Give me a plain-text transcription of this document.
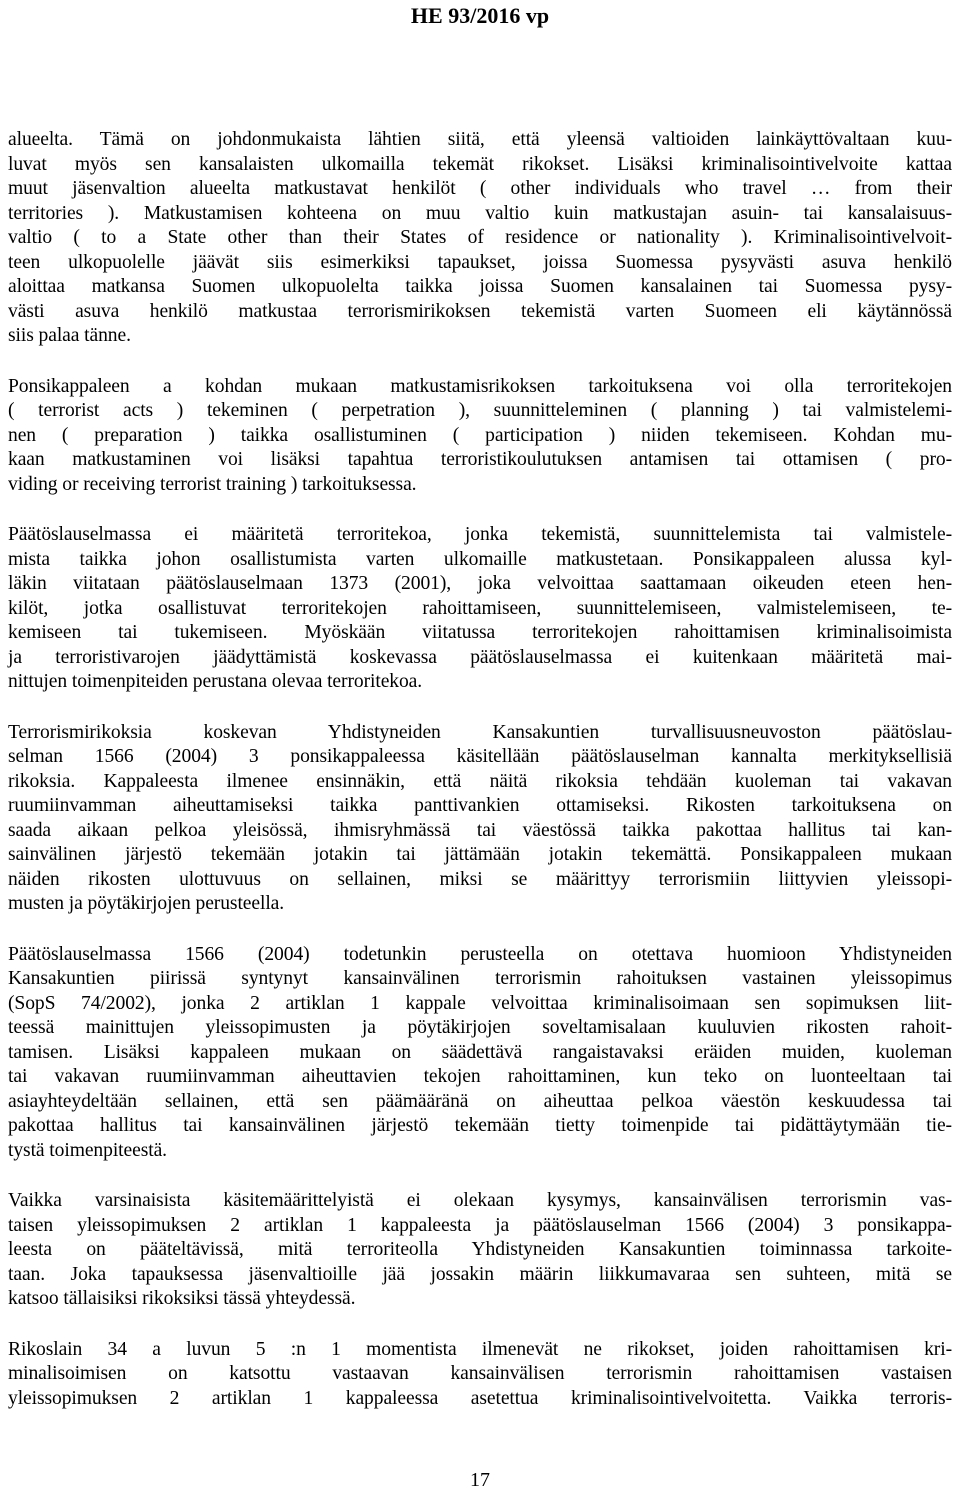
HE 93/2016 vp
alueelta. Tämä on johdonmukaista lähtien siitä, että yleensä valtioiden lainkäyttövaltaan kuu-
luvat myös sen kansalaisten ulkomailla tekemät rikokset. Lisäksi kriminalisointivelvoite kattaa
muut jäsenvaltion alueelta matkustavat henkilöt ( other individuals who travel … from their
territories ). Matkustamisen kohteena on muu valtio kuin matkustajan asuin- tai kansalaisuus-
valtio ( to a State other than their States of residence or nationality ). Kriminalisointivelvoit-
teen ulkopuolelle jäävät siis esimerkiksi tapaukset, joissa Suomessa pysyvästi asuva henkilö
aloittaa matkansa Suomen ulkopuolelta taikka joissa Suomen kansalainen tai Suomessa pysy-
västi asuva henkilö matkustaa terrorismirikoksen tekemistä varten Suomeen eli käytännössä
siis palaa tänne.
Ponsikappaleen a kohdan mukaan matkustamisrikoksen tarkoituksena voi olla terroritekojen
( terrorist acts ) tekeminen ( perpetration ), suunnitteleminen ( planning ) tai valmistelemi-
nen ( preparation ) taikka osallistuminen ( participation ) niiden tekemiseen. Kohdan mu-
kaan matkustaminen voi lisäksi tapahtua terroristikoulutuksen antamisen tai ottamisen ( pro-
viding or receiving terrorist training ) tarkoituksessa.
Päätöslauselmassa ei määritetä terroritekoa, jonka tekemistä, suunnittelemista tai valmistele-
mista taikka johon osallistumista varten ulkomaille matkustetaan. Ponsikappaleen alussa kyl-
läkin viitataan päätöslauselmaan 1373 (2001), joka velvoittaa saattamaan oikeuden eteen hen-
kilöt, jotka osallistuvat terroritekojen rahoittamiseen, suunnittelemiseen, valmistelemiseen, te-
kemiseen tai tukemiseen. Myöskään viitatussa terroritekojen rahoittamisen kriminalisoimista
ja terroristivarojen jäädyttämistä koskevassa päätöslauselmassa ei kuitenkaan määritetä mai-
nittujen toimenpiteiden perustana olevaa terroritekoa.
Terrorismirikoksia koskevan Yhdistyneiden Kansakuntien turvallisuusneuvoston päätöslau-
selman 1566 (2004) 3 ponsikappaleessa käsitellään päätöslauselman kannalta merkityksellisiä
rikoksia. Kappaleesta ilmenee ensinnäkin, että näitä rikoksia tehdään kuoleman tai vakavan
ruumiinvamman aiheuttamiseksi taikka panttivankien ottamiseksi. Rikosten tarkoituksena on
saada aikaan pelkoa yleisössä, ihmisryhmässä tai väestössä taikka pakottaa hallitus tai kan-
sainvälinen järjestö tekemään jotakin tai jättämään jotakin tekemättä. Ponsikappaleen mukaan
näiden rikosten ulottuvuus on sellainen, miksi se määrittyy terrorismiin liittyvien yleissopi-
musten ja pöytäkirjojen perusteella.
Päätöslauselmassa 1566 (2004) todetunkin perusteella on otettava huomioon Yhdistyneiden
Kansakuntien piirissä syntynyt kansainvälinen terrorismin rahoituksen vastainen yleissopimus
(SopS 74/2002), jonka 2 artiklan 1 kappale velvoittaa kriminalisoimaan sen sopimuksen liit-
teessä mainittujen yleissopimusten ja pöytäkirjojen soveltamisalaan kuuluvien rikosten rahoit-
tamisen. Lisäksi kappaleen mukaan on säädettävä rangaistavaksi eräiden muiden, kuoleman
tai vakavan ruumiinvamman aiheuttavien tekojen rahoittaminen, kun teko on luonteeltaan tai
asiayhteydeltään sellainen, että sen päämääränä on aiheuttaa pelkoa väestön keskuudessa tai
pakottaa hallitus tai kansainvälinen järjestö tekemään tietty toimenpide tai pidättäytymään tie-
tystä toimenpiteestä.
Vaikka varsinaisista käsitemäärittelyistä ei olekaan kysymys, kansainvälisen terrorismin vas-
taisen yleissopimuksen 2 artiklan 1 kappaleesta ja päätöslauselman 1566 (2004) 3 ponsikappa-
leesta on pääteltävissä, mitä terroriteolla Yhdistyneiden Kansakuntien toiminnassa tarkoite-
taan. Joka tapauksessa jäsenvaltioille jää jossakin määrin liikkumavaraa sen suhteen, mitä se
katsoo tällaisiksi rikoksiksi tässä yhteydessä.
Rikoslain 34 a luvun 5 :n 1 momentista ilmenevät ne rikokset, joiden rahoittamisen kri-
minalisoimisen on katsottu vastaavan kansainvälisen terrorismin rahoittamisen vastaisen
yleissopimuksen 2 artiklan 1 kappaleessa asetettua kriminalisointivelvoitetta. Vaikka terroris-
17
